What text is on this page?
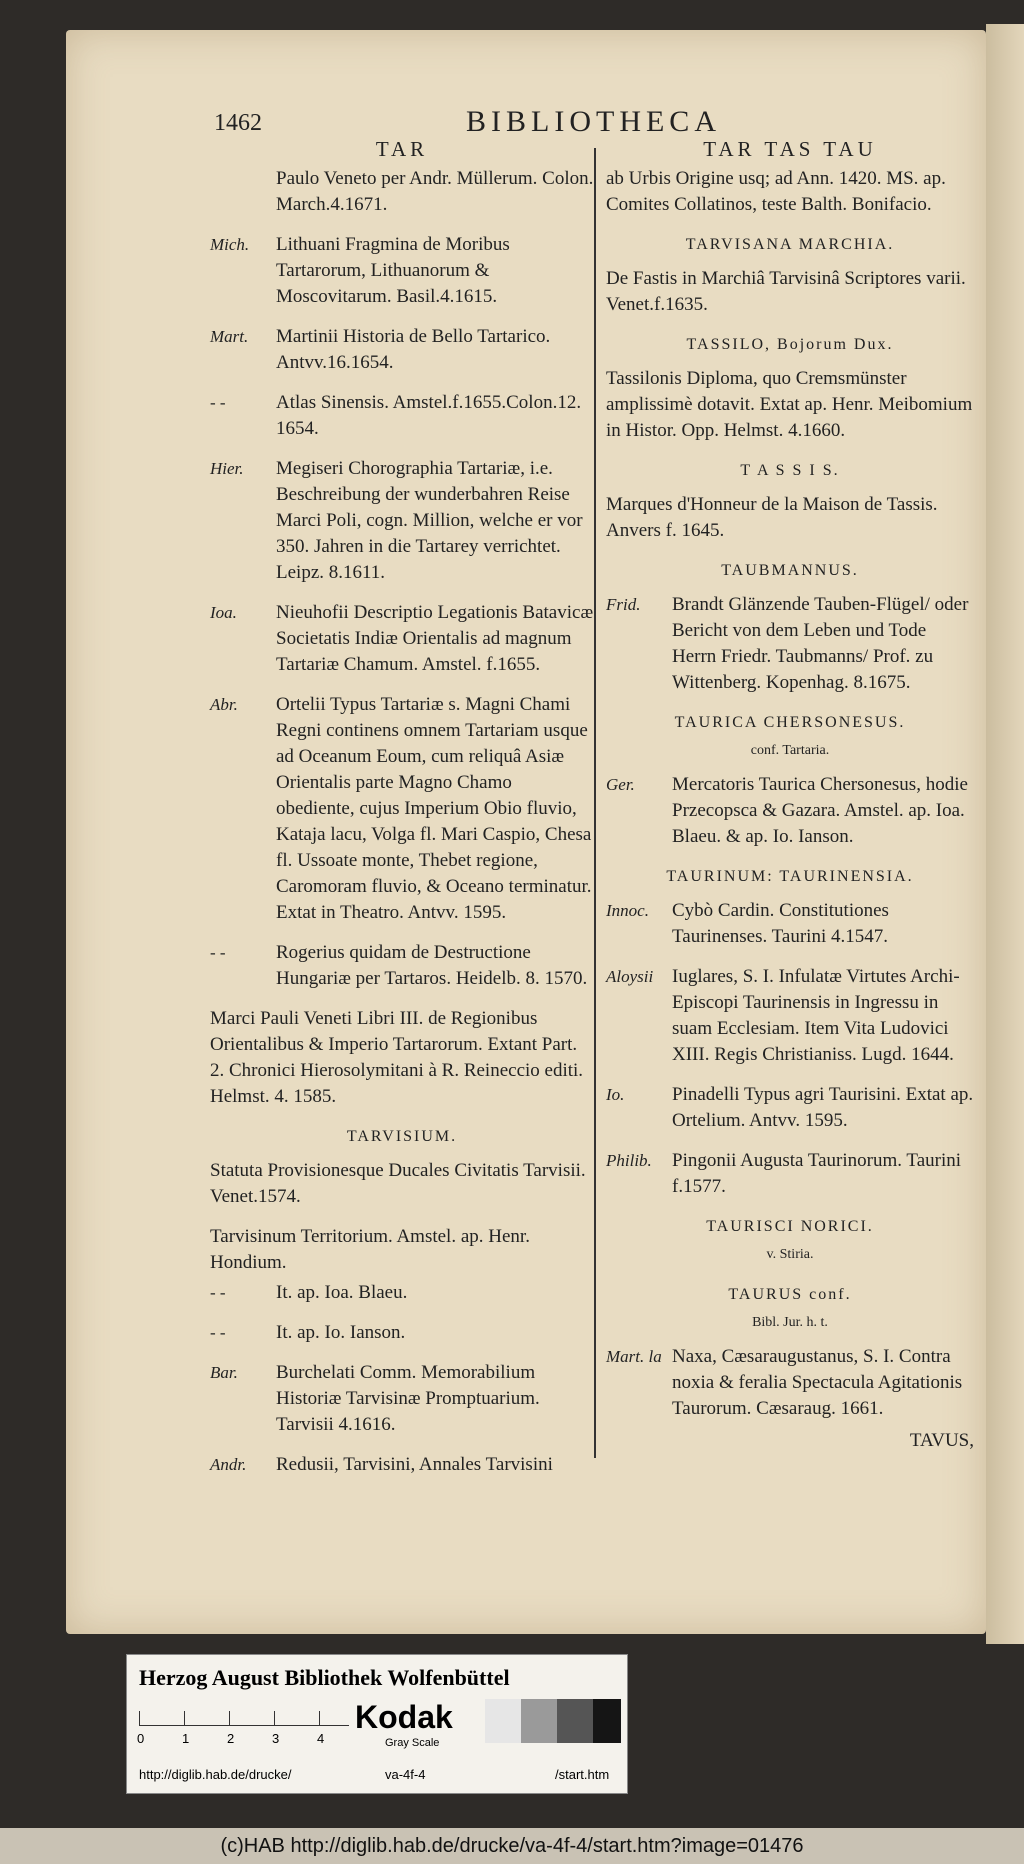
1462	BIBLIOTHECA
TAR
Paulo Veneto per Andr. Müllerum. Colon. March.4.1671.
Mich.	Lithuani Fragmina de Moribus Tartarorum, Lithuanorum & Moscovitarum. Basil.4.1615.
Mart.	Martinii Historia de Bello Tartarico. Antvv.16.1654.
- -	Atlas Sinensis. Amstel.f.1655.Colon.12. 1654.
Hier.	Megiseri Chorographia Tartariæ, i.e. Beschreibung der wunderbahren Reise Marci Poli, cogn. Million, welche er vor 350. Jahren in die Tartarey verrichtet. Leipz. 8.1611.
Ioa.	Nieuhofii Descriptio Legationis Batavicæ Societatis Indiæ Orientalis ad magnum Tartariæ Chamum. Amstel. f.1655.
Abr.	Ortelii Typus Tartariæ s. Magni Chami Regni continens omnem Tartariam usque ad Oceanum Eoum, cum reliquâ Asiæ Orientalis parte Magno Chamo obediente, cujus Imperium Obio fluvio, Kataja lacu, Volga fl. Mari Caspio, Chesa fl. Ussoate monte, Thebet regione, Caromoram fluvio, & Oceano terminatur. Extat in Theatro. Antvv. 1595.
- -	Rogerius quidam de Destructione Hungariæ per Tartaros. Heidelb. 8. 1570.
Marci Pauli Veneti Libri III. de Regionibus Orientalibus & Imperio Tartarorum. Extant Part. 2. Chronici Hierosolymitani à R. Reineccio editi. Helmst. 4. 1585.
TARVISIUM.
Statuta Provisionesque Ducales Civitatis Tarvisii. Venet.1574.
Tarvisinum Territorium. Amstel. ap. Henr. Hondium.
- -	It. ap. Ioa. Blaeu.
- -	It. ap. Io. Ianson.
Bar.	Burchelati Comm. Memorabilium Historiæ Tarvisinæ Promptuarium. Tarvisii 4.1616.
Andr.	Redusii, Tarvisini, Annales Tarvisini
TAR TAS TAU
ab Urbis Origine usq; ad Ann. 1420. MS. ap. Comites Collatinos, teste Balth. Bonifacio.
TARVISANA MARCHIA.
De Fastis in Marchiâ Tarvisinâ Scriptores varii. Venet.f.1635.
TASSILO, Bojorum Dux.
Tassilonis Diploma, quo Cremsmünster amplissimè dotavit. Extat ap. Henr. Meibomium in Histor. Opp. Helmst. 4.1660.
T A S S I S.
Marques d'Honneur de la Maison de Tassis. Anvers f. 1645.
TAUBMANNUS.
Frid.	Brandt Glänzende Tauben-Flügel/ oder Bericht von dem Leben und Tode Herrn Friedr. Taubmanns/ Prof. zu Wittenberg. Kopenhag. 8.1675.
TAURICA CHERSONESUS.
conf. Tartaria.
Ger.	Mercatoris Taurica Chersonesus, hodie Przecopsca & Gazara. Amstel. ap. Ioa. Blaeu. & ap. Io. Ianson.
TAURINUM: TAURINENSIA.
Innoc.	Cybò Cardin. Constitutiones Taurinenses. Taurini 4.1547.
Aloysii Iuglares, S. I. Infulatæ Virtutes Archi-Episcopi Taurinensis in Ingressu in suam Ecclesiam. Item Vita Ludovici XIII. Regis Christianiss. Lugd. 1644.
Io.	Pinadelli Typus agri Taurisini. Extat ap. Ortelium. Antvv. 1595.
Philib.	Pingonii Augusta Taurinorum. Taurini f.1577.
TAURISCI NORICI.
v. Stiria.
TAURUS conf.
Bibl. Jur. h. t.
Mart. la Naxa, Cæsaraugustanus, S. I. Contra noxia & feralia Spectacula Agitationis Taurorum. Cæsaraug. 1661.
TAVUS,
Herzog August Bibliothek Wolfenbüttel
0	1	2	3	4
Kodak
Gray Scale
http://diglib.hab.de/drucke/	va-4f-4	/start.htm
(c)HAB http://diglib.hab.de/drucke/va-4f-4/start.htm?image=01476
